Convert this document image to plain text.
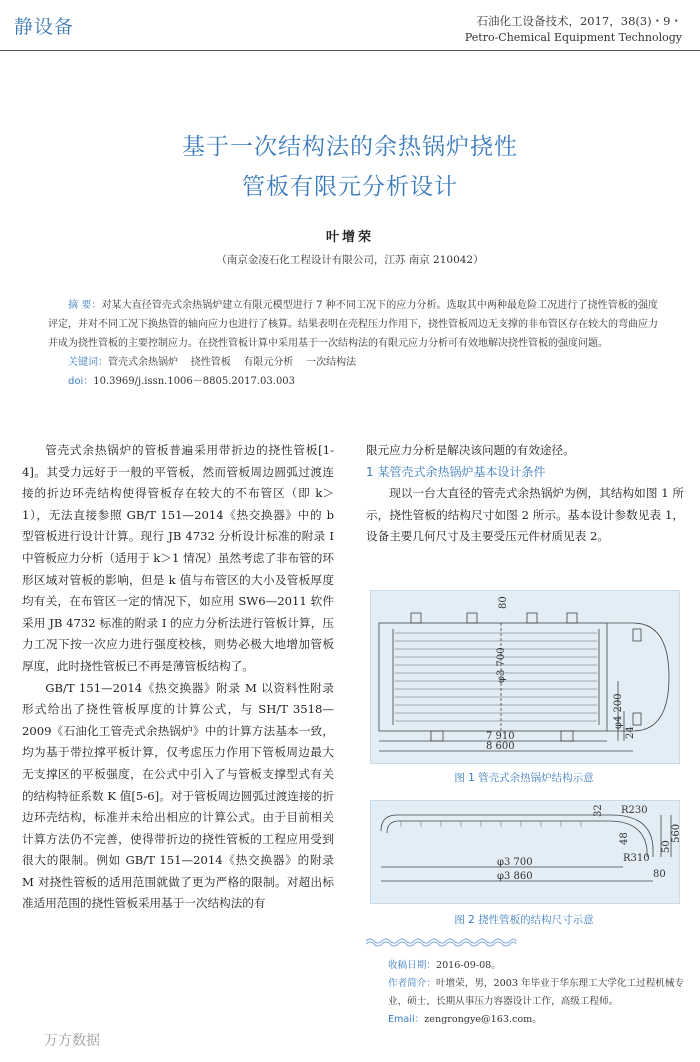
静设备	石油化工设备技术，2017，38(3)・9・
Petro-Chemical Equipment Technology
基于一次结构法的余热锅炉挠性
管板有限元分析设计
叶增荣
（南京金凌石化工程设计有限公司，江苏 南京 210042）
摘 要：对某大直径管壳式余热锅炉建立有限元模型进行 7 种不同工况下的应力分析。选取其中两种最危险工况进行了挠性管板的强度评定，并对不同工况下换热管的轴向应力也进行了核算。结果表明在壳程压力作用下，挠性管板周边无支撑的非布管区存在较大的弯曲应力并成为挠性管板的主要控制应力。在挠性管板计算中采用基于一次结构法的有限元应力分析可有效地解决挠性管板的强度问题。
关键词：管壳式余热锅炉    挠性管板    有限元分析    一次结构法
doi：10.3969/j.issn.1006－8805.2017.03.003

管壳式余热锅炉的管板普遍采用带折边的挠性管板[1-4]。其受力远好于一般的平管板，然而管板周边圆弧过渡连接的折边环壳结构使得管板存在较大的不布管区（即 k＞1），无法直接参照 GB/T 151—2014《热交换器》中的 b 型管板进行设计计算。现行 JB 4732 分析设计标准的附录 I 中管板应力分析（适用于 k＞1 情况）虽然考虑了非布管的环形区域对管板的影响，但是 k 值与布管区的大小及管板厚度均有关，在布管区一定的情况下，如应用 SW6—2011 软件采用 JB 4732 标准的附录 I 的应力分析法进行管板计算，压力工况下按一次应力进行强度校核，则势必极大地增加管板厚度，此时挠性管板已不再是薄管板结构了。

GB/T 151—2014《热交换器》附录 M 以资料性附录形式给出了挠性管板厚度的计算公式，与 SH/T 3518—2009《石油化工管壳式余热锅炉》中的计算方法基本一致，均为基于带拉撑平板计算，仅考虑压力作用下管板周边最大无支撑区的平板强度，在公式中引入了与管板支撑型式有关的结构特征系数 K 值[5-6]。对于管板周边圆弧过渡连接的折边环壳结构，标准并未给出相应的计算公式。由于目前相关计算方法仍不完善，使得带折边的挠性管板的工程应用受到很大的限制。例如 GB/T 151—2014《热交换器》的附录 M 对挠性管板的适用范围就做了更为严格的限制。对超出标准适用范围的挠性管板采用基于一次结构法的有

限元应力分析是解决该问题的有效途径。

1 某管壳式余热锅炉基本设计条件

现以一台大直径的管壳式余热锅炉为例，其结构如图 1 所示，挠性管板的结构尺寸如图 2 所示。基本设计参数见表 1，设备主要几何尺寸及主要受压元件材质见表 2。

7 910
8 600
φ3 700
φ4 200
80
24
图 1 管壳式余热锅炉结构示意
32 R230
48
R310
50
560
φ3 700
φ3 860	80
图 2 挠性管板的结构尺寸示意
收稿日期：2016-09-08。
作者简介：叶增荣，男，2003 年毕业于华东理工大学化工过程机械专业，硕士，长期从事压力容器设计工作，高级工程师。
Email：zengrongye@163.com。
万方数据
